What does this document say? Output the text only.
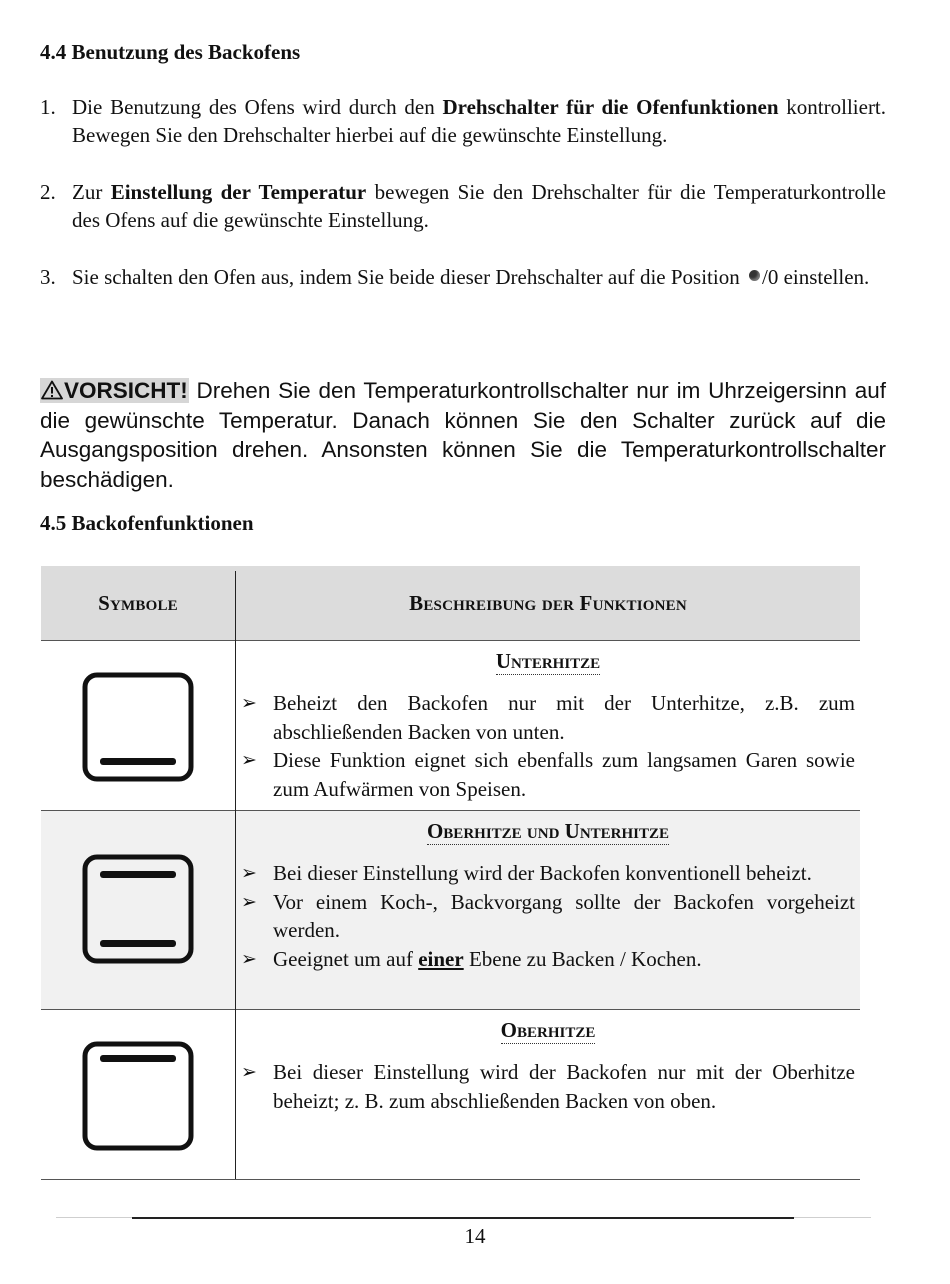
4.4 Benutzung des Backofens
1. Die Benutzung des Ofens wird durch den Drehschalter für die Ofenfunktionen kontrolliert. Bewegen Sie den Drehschalter hierbei auf die gewünschte Einstellung.
2. Zur Einstellung der Temperatur bewegen Sie den Drehschalter für die Temperaturkontrolle des Ofens auf die gewünschte Einstellung.
3. Sie schalten den Ofen aus, indem Sie beide dieser Drehschalter auf die Position /0 einstellen.
VORSICHT! Drehen Sie den Temperaturkontrollschalter nur im Uhrzeigersinn auf die gewünschte Temperatur. Danach können Sie den Schalter zurück auf die Ausgangsposition drehen. Ansonsten können Sie die Temperaturkontrollschalter beschädigen.
4.5 Backofenfunktionen
Symbole	Beschreibung der Funktionen
Unterhitze
➢ Beheizt den Backofen nur mit der Unterhitze, z.B. zum abschließenden Backen von unten.
➢ Diese Funktion eignet sich ebenfalls zum langsamen Garen sowie zum Aufwärmen von Speisen.
Oberhitze und Unterhitze
➢ Bei dieser Einstellung wird der Backofen konventionell beheizt.
➢ Vor einem Koch-, Backvorgang sollte der Backofen vorgeheizt werden.
➢ Geeignet um auf einer Ebene zu Backen / Kochen.
Oberhitze
➢ Bei dieser Einstellung wird der Backofen nur mit der Oberhitze beheizt; z. B. zum abschließenden Backen von oben.
14
